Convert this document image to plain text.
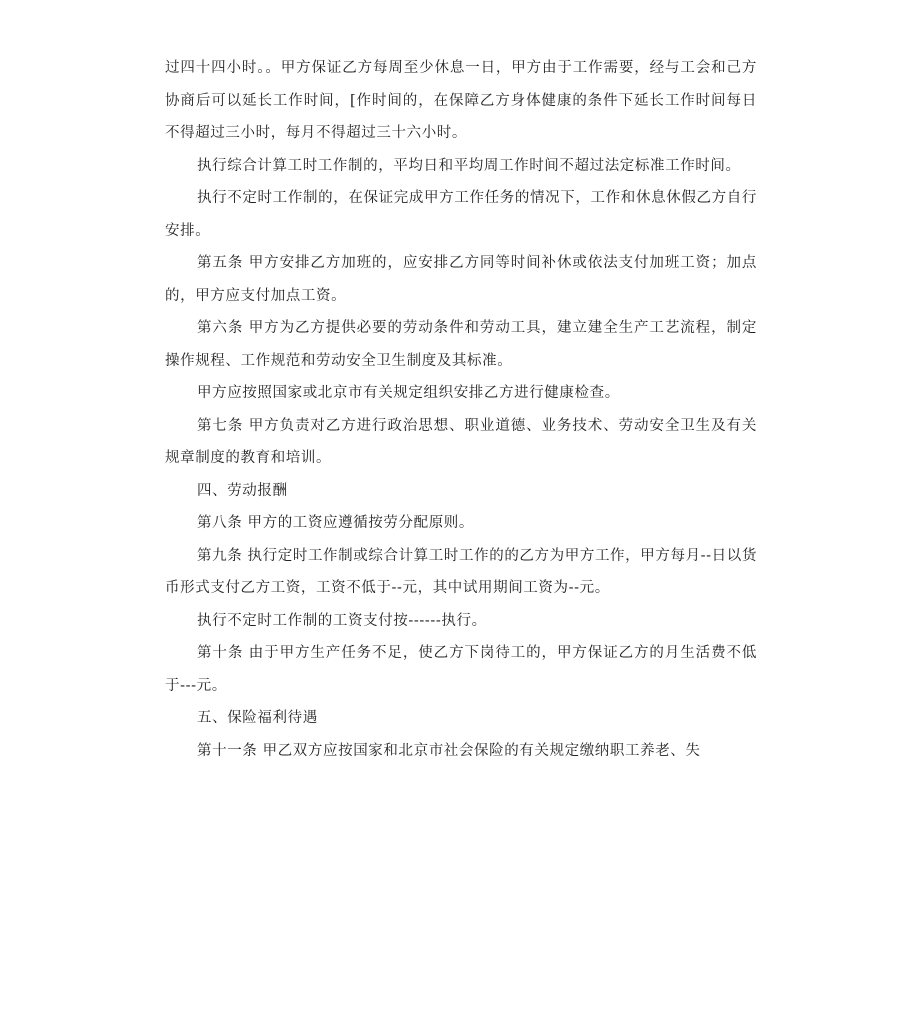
过四十四小时。。甲方保证乙方每周至少休息一日，甲方由于工作需要，经与工会和己方协商后可以延长工作时间，[作时间的，在保障乙方身体健康的条件下延长工作时间每日不得超过三小时，每月不得超过三十六小时。

执行综合计算工时工作制的，平均日和平均周工作时间不超过法定标准工作时间。

执行不定时工作制的，在保证完成甲方工作任务的情况下，工作和休息休假乙方自行安排。

第五条 甲方安排乙方加班的，应安排乙方同等时间补休或依法支付加班工资；加点的，甲方应支付加点工资。

第六条 甲方为乙方提供必要的劳动条件和劳动工具，建立建全生产工艺流程，制定操作规程、工作规范和劳动安全卫生制度及其标准。

甲方应按照国家或北京市有关规定组织安排乙方进行健康检查。

第七条 甲方负责对乙方进行政治思想、职业道德、业务技术、劳动安全卫生及有关规章制度的教育和培训。

四、劳动报酬

第八条 甲方的工资应遵循按劳分配原则。

第九条 执行定时工作制或综合计算工时工作的的乙方为甲方工作，甲方每月--日以货币形式支付乙方工资，工资不低于--元，其中试用期间工资为--元。

执行不定时工作制的工资支付按------执行。

第十条 由于甲方生产任务不足，使乙方下岗待工的，甲方保证乙方的月生活费不低于---元。

五、保险福利待遇

第十一条 甲乙双方应按国家和北京市社会保险的有关规定缴纳职工养老、失
